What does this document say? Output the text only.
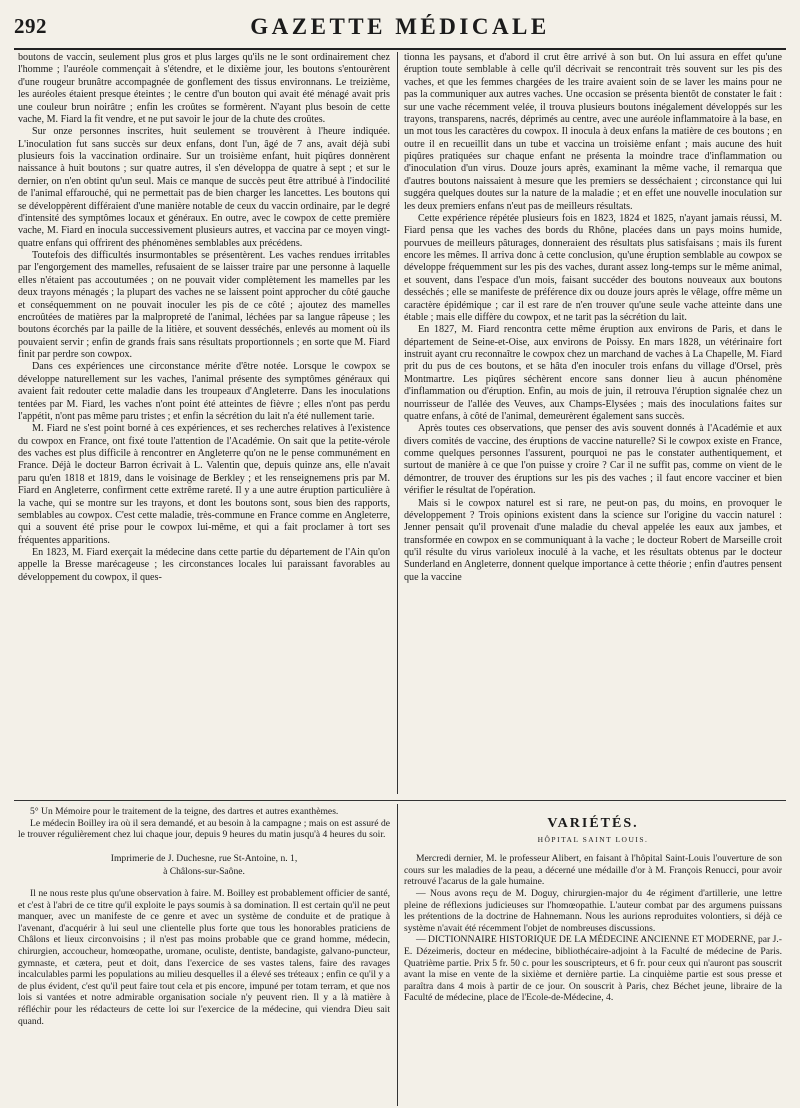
292	GAZETTE MÉDICALE

boutons de vaccin, seulement plus gros et plus larges qu'ils ne le sont ordinairement chez l'homme ; l'auréole commençait à s'étendre, et le dixième jour, les boutons s'entourèrent d'une rougeur brunâtre accompagnée de gonflement des tissus environnans. Le treizième, les auréoles étaient presque éteintes ; le centre d'un bouton qui avait été ménagé avait pris une couleur brun noirâtre ; enfin les croûtes se formèrent. N'ayant plus besoin de cette vache, M. Fiard la fit vendre, et ne put savoir le jour de la chute des croûtes.

Sur onze personnes inscrites, huit seulement se trouvèrent à l'heure indiquée. L'inoculation fut sans succès sur deux enfans, dont l'un, âgé de 7 ans, avait déjà subi plusieurs fois la vaccination ordinaire. Sur un troisième enfant, huit piqûres donnèrent naissance à huit boutons ; sur quatre autres, il s'en développa de quatre à sept ; et sur le dernier, on n'en obtint qu'un seul. Mais ce manque de succès peut être attribué à l'indocilité de l'animal effarouché, qui ne permettait pas de bien charger les lancettes. Les boutons qui se développèrent différaient d'une manière notable de ceux du vaccin ordinaire, par le degré d'intensité des symptômes locaux et généraux. En outre, avec le cowpox de cette première vache, M. Fiard en inocula successivement plusieurs autres, et vaccina par ce moyen vingt-quatre enfans qui offrirent des phénomènes semblables aux précédens.

Toutefois des difficultés insurmontables se présentèrent. Les vaches rendues irritables par l'engorgement des mamelles, refusaient de se laisser traire par une personne à laquelle elles n'étaient pas accoutumées ; on ne pouvait vider complètement les mamelles par les deux trayons ménagés ; la plupart des vaches ne se laissent point approcher du côté gauche et conséquemment on ne pouvait inoculer les pis de ce côté ; ajoutez des mamelles encroûtées de matières par la malpropreté de l'animal, léchées par sa langue râpeuse ; les boutons écorchés par la paille de la litière, et souvent desséchés, enlevés au moment où ils pouvaient servir ; enfin de grands frais sans résultats proportionnels ; en sorte que M. Fiard finit par perdre son cowpox.

Dans ces expériences une circonstance mérite d'être notée. Lorsque le cowpox se développe naturellement sur les vaches, l'animal présente des symptômes généraux qui avaient fait redouter cette maladie dans les troupeaux d'Angleterre. Dans les inoculations tentées par M. Fiard, les vaches n'ont point été atteintes de fièvre ; elles n'ont pas perdu l'appétit, n'ont pas même paru tristes ; et enfin la sécrétion du lait n'a été nullement tarie.

M. Fiard ne s'est point borné à ces expériences, et ses recherches relatives à l'existence du cowpox en France, ont fixé toute l'attention de l'Académie. On sait que la petite-vérole des vaches est plus difficile à rencontrer en Angleterre qu'on ne le pense communément en France. Déjà le docteur Barron écrivait à L. Valentin que, depuis quinze ans, elle n'avait paru qu'en 1818 et 1819, dans le voisinage de Berkley ; et les renseignemens pris par M. Fiard en Angleterre, confirment cette extrême rareté. Il y a une autre éruption particulière à la vache, qui se montre sur les trayons, et dont les boutons sont, sous bien des rapports, semblables au cowpox. C'est cette maladie, très-commune en France comme en Angleterre, qui a souvent été prise pour le cowpox lui-même, et qui a fait proclamer à tort ses fréquentes apparitions.

En 1823, M. Fiard exerçait la médecine dans cette partie du département de l'Ain qu'on appelle la Bresse marécageuse ; les circonstances locales lui paraissant favorables au développement du cowpox, il ques-

tionna les paysans, et d'abord il crut être arrivé à son but. On lui assura en effet qu'une éruption toute semblable à celle qu'il décrivait se rencontrait très souvent sur les pis des vaches, et que les femmes chargées de les traire avaient soin de se laver les mains pour ne pas la communiquer aux autres vaches. Une occasion se présenta bientôt de constater le fait : sur une vache récemment velée, il trouva plusieurs boutons inégalement développés sur les trayons, transparens, nacrés, déprimés au centre, avec une auréole inflammatoire à la base, en un mot tous les caractères du cowpox. Il inocula à deux enfans la matière de ces boutons ; en outre il en recueillit dans un tube et vaccina un troisième enfant ; mais aucune des huit piqûres pratiquées sur chaque enfant ne présenta la moindre trace d'inflammation ou d'inoculation d'un virus. Douze jours après, examinant la même vache, il remarqua que d'autres boutons naissaient à mesure que les premiers se desséchaient ; circonstance qui lui suggéra quelques doutes sur la nature de la maladie ; et en effet une nouvelle inoculation sur les deux premiers enfans n'eut pas de meilleurs résultats.

Cette expérience répétée plusieurs fois en 1823, 1824 et 1825, n'ayant jamais réussi, M. Fiard pensa que les vaches des bords du Rhône, placées dans un pays moins humide, pourvues de meilleurs pâturages, donneraient des résultats plus satisfaisans ; mais ils furent encore les mêmes. Il arriva donc à cette conclusion, qu'une éruption semblable au cowpox se développe fréquemment sur les pis des vaches, durant assez long-temps sur le même animal, et souvent, dans l'espace d'un mois, faisant succéder des boutons nouveaux aux boutons desséchés ; elle se manifeste de préférence dix ou douze jours après le vêlage, offre même un caractère épidémique ; car il est rare de n'en trouver qu'une seule vache atteinte dans une étable ; mais elle diffère du cowpox, et ne tarit pas la sécrétion du lait.

En 1827, M. Fiard rencontra cette même éruption aux environs de Paris, et dans le département de Seine-et-Oise, aux environs de Poissy. En mars 1828, un vétérinaire fort instruit ayant cru reconnaître le cowpox chez un marchand de vaches à La Chapelle, M. Fiard prit du pus de ces boutons, et se hâta d'en inoculer trois enfans du village d'Orsel, près Montmartre. Les piqûres séchèrent encore sans donner lieu à aucun phénomène d'inflammation ou d'éruption. Enfin, au mois de juin, il retrouva l'éruption signalée chez un nourrisseur de l'allée des Veuves, aux Champs-Elysées ; mais des inoculations faites sur quatre enfans, à côté de l'animal, demeurèrent également sans succès.

Après toutes ces observations, que penser des avis souvent donnés à l'Académie et aux divers comités de vaccine, des éruptions de vaccine naturelle? Si le cowpox existe en France, comme quelques personnes l'assurent, pourquoi ne pas le constater authentiquement, et surtout de manière à ce que l'on puisse y croire ? Car il ne suffit pas, comme on vient de le démontrer, de trouver des éruptions sur les pis des vaches ; il faut encore vacciner et bien vérifier le résultat de l'opération.

Mais si le cowpox naturel est si rare, ne peut-on pas, du moins, en provoquer le développement ? Trois opinions existent dans la science sur l'origine du vaccin naturel : Jenner pensait qu'il provenait d'une maladie du cheval appelée les eaux aux jambes, et transformée en cowpox en se communiquant à la vache ; le docteur Robert de Marseille croit qu'il résulte du virus varioleux inoculé à la vache, et les résultats obtenus par le docteur Sunderland en Angleterre, donnent quelque importance à cette théorie ; enfin d'autres pensent que la vaccine

5° Un Mémoire pour le traitement de la teigne, des dartres et autres exanthèmes.

Le médecin Boilley ira où il sera demandé, et au besoin à la campagne ; mais on est assuré de le trouver régulièrement chez lui chaque jour, depuis 9 heures du matin jusqu'à 4 heures du soir.

Imprimerie de J. Duchesne, rue St-Antoine, n. 1,

à Châlons-sur-Saône.

Il ne nous reste plus qu'une observation à faire. M. Boilley est probablement officier de santé, et c'est à l'abri de ce titre qu'il exploite le pays soumis à sa domination. Il est certain qu'il ne peut manquer, avec un manifeste de ce genre et avec un système de conduite et de pratique à l'avenant, d'acquérir à lui seul une clientelle plus forte que tous les honorables praticiens de Châlons et lieux circonvoisins ; il n'est pas moins probable que ce grand homme, médecin, chirurgien, accoucheur, homœopathe, uromane, oculiste, dentiste, bandagiste, galvano-puncteur, gymnaste, et cætera, peut et doit, dans l'exercice de ses vastes talens, faire des ravages incalculables parmi les populations au milieu desquelles il a élevé ses tréteaux ; enfin ce qu'il y a de plus évident, c'est qu'il peut faire tout cela et pis encore, impuné per totam terram, et que nos lois si vantées et notre admirable organisation sociale n'y peuvent rien. Il y a là matière à réfléchir pour les rédacteurs de cette loi sur l'exercice de la médecine, qui viendra Dieu sait quand.

VARIÉTÉS.
HÔPITAL SAINT LOUIS.

Mercredi dernier, M. le professeur Alibert, en faisant à l'hôpital Saint-Louis l'ouverture de son cours sur les maladies de la peau, a décerné une médaille d'or à M. François Renucci, pour avoir retrouvé l'acarus de la gale humaine.

— Nous avons reçu de M. Doguy, chirurgien-major du 4e régiment d'artillerie, une lettre pleine de réflexions judicieuses sur l'homœopathie. L'auteur combat par des argumens puissans les prétentions de la doctrine de Hahnemann. Nous les aurions reproduites volontiers, si déjà ce système n'avait été récemment l'objet de nombreuses discussions.

— DICTIONNAIRE HISTORIQUE DE LA MÉDECINE ANCIENNE ET MODERNE, par J.-E. Dézeimeris, docteur en médecine, bibliothécaire-adjoint à la Faculté de médecine de Paris. Quatrième partie. Prix 5 fr. 50 c. pour les souscripteurs, et 6 fr. pour ceux qui n'auront pas souscrit avant la mise en vente de la sixième et dernière partie. La cinquième partie est sous presse et paraîtra dans 4 mois à partir de ce jour. On souscrit à Paris, chez Béchet jeune, libraire de la Faculté de médecine, place de l'Ecole-de-Médecine, 4.
